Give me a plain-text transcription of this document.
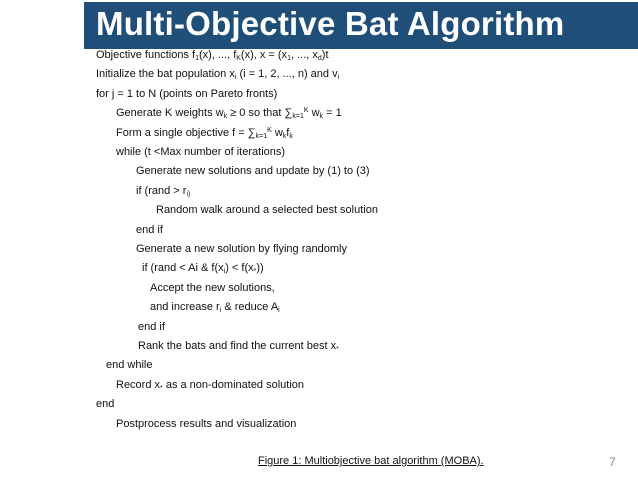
Multi-Objective Bat Algorithm
Objective functions $f_1(x)$, ..., $f_K(x)$, $x = (x_1$, ..., $x_d)t$
Initialize the bat population $x_i$ (i = 1, 2, ..., n) and $v_i$
for j = 1 to N (points on Pareto fronts)
Generate K weights $w_k \ge 0$ so that $\sum_{k=1}^K$ $w_k = 1$
Form a single objective $f = \sum_{k=1}^K$ $w_kf_k$
while (t <Max number of iterations)
Generate new solutions and update by (1) to (3)
if (rand > $r_{i)}$
Random walk around a selected best solution
end if
Generate a new solution by flying randomly
if (rand < Ai & $f(x_i) < f(x_*)$)
Accept the new solutions,
and increase $r_i$ & reduce $A_i$
end if
Rank the bats and find the current best $x_*$
end while
Record $x_*$ as a non-dominated solution
end
Postprocess results and visualization
Figure 1: Multiobjective bat algorithm (MOBA).	7
